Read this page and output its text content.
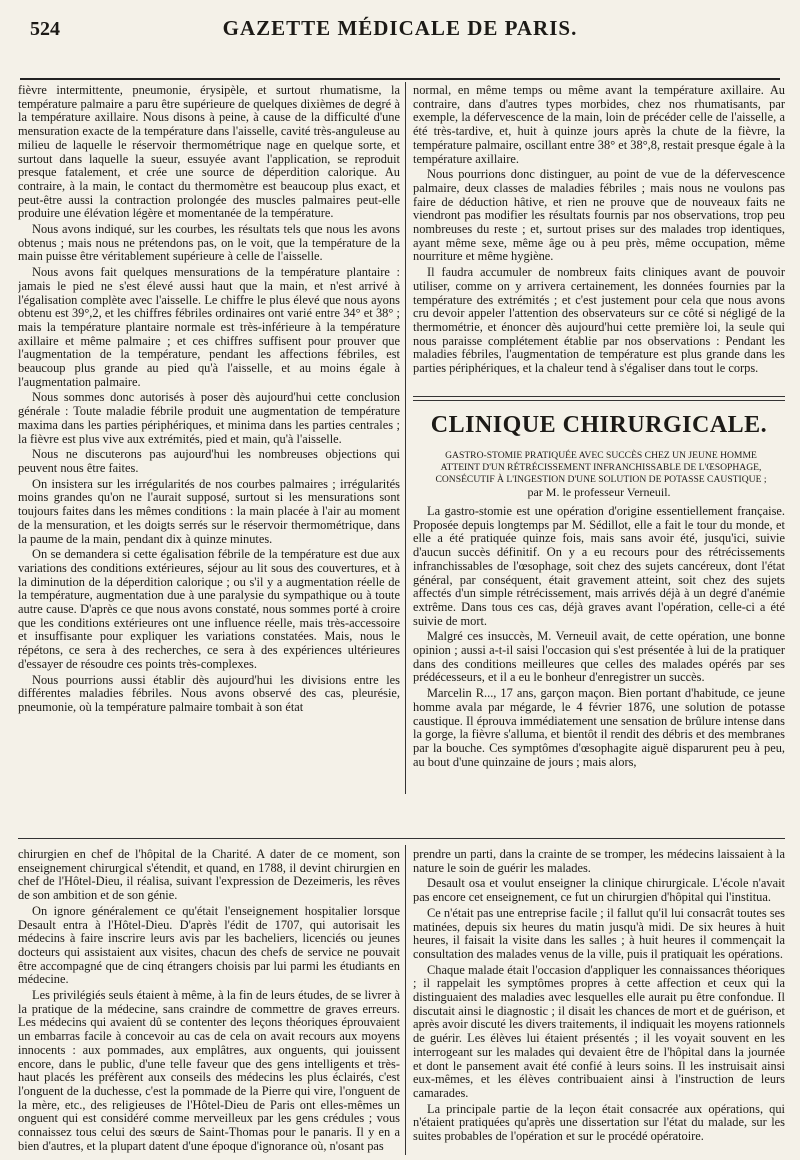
524	GAZETTE MÉDICALE DE PARIS.

fièvre intermittente, pneumonie, érysipèle, et surtout rhumatisme, la température palmaire a paru être supérieure de quelques dixièmes de degré à la température axillaire. Nous disons à peine, à cause de la difficulté d'une mensuration exacte de la température dans l'aisselle, cavité très-anguleuse au milieu de laquelle le réservoir thermométrique nage en quelque sorte, et surtout dans laquelle la sueur, essuyée avant l'application, se reproduit presque fatalement, et crée une source de déperdition calorique. Au contraire, à la main, le contact du thermomètre est beaucoup plus exact, et peut-être aussi la contraction prolongée des muscles palmaires peut-elle produire une élévation légère et momentanée de la température.

Nous avons indiqué, sur les courbes, les résultats tels que nous les avons obtenus ; mais nous ne prétendons pas, on le voit, que la température de la main puisse être véritablement supérieure à celle de l'aisselle.

Nous avons fait quelques mensurations de la température plantaire : jamais le pied ne s'est élevé aussi haut que la main, et n'est arrivé à l'égalisation complète avec l'aisselle. Le chiffre le plus élevé que nous ayons obtenu est 39°,2, et les chiffres fébriles ordinaires ont varié entre 34° et 38° ; mais la température plantaire normale est très-inférieure à la température axillaire et même palmaire ; et ces chiffres suffisent pour prouver que l'augmentation de la température, pendant les affections fébriles, est beaucoup plus grande au pied qu'à l'aisselle, et au moins égale à l'augmentation palmaire.

Nous sommes donc autorisés à poser dès aujourd'hui cette conclusion générale : Toute maladie fébrile produit une augmentation de température maxima dans les parties périphériques, et minima dans les parties centrales ; la fièvre est plus vive aux extrémités, pied et main, qu'à l'aisselle.

Nous ne discuterons pas aujourd'hui les nombreuses objections qui peuvent nous être faites.

On insistera sur les irrégularités de nos courbes palmaires ; irrégularités moins grandes qu'on ne l'aurait supposé, surtout si les mensurations sont toujours faites dans les mêmes conditions : la main placée à l'air au moment de la mensuration, et les doigts serrés sur le réservoir thermométrique, dans la paume de la main, pendant dix à quinze minutes.

On se demandera si cette égalisation fébrile de la température est due aux variations des conditions extérieures, séjour au lit sous des couvertures, et à la diminution de la déperdition calorique ; ou s'il y a augmentation réelle de la température, augmentation due à une paralysie du sympathique ou à toute autre cause. D'après ce que nous avons constaté, nous sommes porté à croire que les conditions extérieures ont une influence réelle, mais très-accessoire et insuffisante pour expliquer les variations constatées. Mais, nous le répétons, ce sera à des recherches, ce sera à des expériences ultérieures d'essayer de résoudre ces points très-complexes.

Nous pourrions aussi établir dès aujourd'hui les divisions entre les différentes maladies fébriles. Nous avons observé des cas, pleurésie, pneumonie, où la température palmaire tombait à son état

normal, en même temps ou même avant la température axillaire. Au contraire, dans d'autres types morbides, chez nos rhumatisants, par exemple, la défervescence de la main, loin de précéder celle de l'aisselle, a été très-tardive, et, huit à quinze jours après la chute de la fièvre, la température palmaire, oscillant entre 38° et 38°,8, restait presque égale à la température axillaire.

Nous pourrions donc distinguer, au point de vue de la défervescence palmaire, deux classes de maladies fébriles ; mais nous ne voulons pas faire de déduction hâtive, et rien ne prouve que de nouveaux faits ne viendront pas modifier les résultats fournis par nos observations, trop peu nombreuses du reste ; et, surtout prises sur des malades trop identiques, ayant même sexe, même âge ou à peu près, même occupation, même nourriture et même hygiène.

Il faudra accumuler de nombreux faits cliniques avant de pouvoir utiliser, comme on y arrivera certainement, les données fournies par la température des extrémités ; et c'est justement pour cela que nous avons cru devoir appeler l'attention des observateurs sur ce côté si négligé de la thermométrie, et énoncer dès aujourd'hui cette première loi, la seule qui nous paraisse complétement établie par nos observations : Pendant les maladies fébriles, l'augmentation de température est plus grande dans les parties périphériques, et la chaleur tend à s'égaliser dans tout le corps.

CLINIQUE CHIRURGICALE.
GASTRO-STOMIE PRATIQUÉE AVEC SUCCÈS CHEZ UN JEUNE HOMME ATTEINT D'UN RÉTRÉCISSEMENT INFRANCHISSABLE DE L'ŒSOPHAGE, CONSÉCUTIF À L'INGESTION D'UNE SOLUTION DE POTASSE CAUSTIQUE ;
par M. le professeur Verneuil.

La gastro-stomie est une opération d'origine essentiellement française. Proposée depuis longtemps par M. Sédillot, elle a fait le tour du monde, et elle a été pratiquée quinze fois, mais sans avoir été, jusqu'ici, suivie d'aucun succès définitif. On y a eu recours pour des rétrécissements infranchissables de l'œsophage, soit chez des sujets cancéreux, dont l'état général, par conséquent, était gravement atteint, soit chez des sujets affectés d'un simple rétrécissement, mais arrivés déjà à un degré d'anémie extrême. Dans tous ces cas, déjà graves avant l'opération, celle-ci a été suivie de mort.

Malgré ces insuccès, M. Verneuil avait, de cette opération, une bonne opinion ; aussi a-t-il saisi l'occasion qui s'est présentée à lui de la pratiquer dans des conditions meilleures que celles des malades opérés par ses prédécesseurs, et il a eu le bonheur d'enregistrer un succès.

Marcelin R..., 17 ans, garçon maçon. Bien portant d'habitude, ce jeune homme avala par mégarde, le 4 février 1876, une solution de potasse caustique. Il éprouva immédiatement une sensation de brûlure intense dans la gorge, la fièvre s'alluma, et bientôt il rendit des débris et des membranes par la bouche. Ces symptômes d'œsophagite aiguë disparurent peu à peu, au bout d'une quinzaine de jours ; mais alors,

chirurgien en chef de l'hôpital de la Charité. A dater de ce moment, son enseignement chirurgical s'étendit, et quand, en 1788, il devint chirurgien en chef de l'Hôtel-Dieu, il réalisa, suivant l'expression de Dezeimeris, les rêves de son ambition et de son génie.

On ignore généralement ce qu'était l'enseignement hospitalier lorsque Desault entra à l'Hôtel-Dieu. D'après l'édit de 1707, qui autorisait les médecins à faire inscrire leurs avis par les bacheliers, licenciés ou jeunes docteurs qui assistaient aux visites, chacun des chefs de service ne pouvait être accompagné que de cinq étrangers choisis par lui parmi les étudiants en médecine.

Les privilégiés seuls étaient à même, à la fin de leurs études, de se livrer à la pratique de la médecine, sans craindre de commettre de graves erreurs. Les médecins qui avaient dû se contenter des leçons théoriques éprouvaient un embarras facile à concevoir au cas de cela on avait recours aux moyens innocents : aux pommades, aux emplâtres, aux onguents, qui jouissent encore, dans le public, d'une telle faveur que des gens intelligents et très-haut placés les préfèrent aux conseils des médecins les plus éclairés, c'est l'onguent de la duchesse, c'est la pommade de la Pierre qui vire, l'onguent de la mère, etc., des religieuses de l'Hôtel-Dieu de Paris ont elles-mêmes un onguent qui est considéré comme merveilleux par les gens crédules ; vous connaissez tous celui des sœurs de Saint-Thomas pour le panaris. Il y en a bien d'autres, et la plupart datent d'une époque d'ignorance où, n'osant pas

prendre un parti, dans la crainte de se tromper, les médecins laissaient à la nature le soin de guérir les malades.

Desault osa et voulut enseigner la clinique chirurgicale. L'école n'avait pas encore cet enseignement, ce fut un chirurgien d'hôpital qui l'institua.

Ce n'était pas une entreprise facile ; il fallut qu'il lui consacrât toutes ses matinées, depuis six heures du matin jusqu'à midi. De six heures à huit heures, il faisait la visite dans les salles ; à huit heures il commençait la consultation des malades venus de la ville, puis il pratiquait les opérations.

Chaque malade était l'occasion d'appliquer les connaissances théoriques ; il rappelait les symptômes propres à cette affection et ceux qui la distinguaient des maladies avec lesquelles elle aurait pu être confondue. Il discutait ainsi le diagnostic ; il disait les chances de mort et de guérison, et après avoir discuté les divers traitements, il indiquait les moyens rationnels de guérir. Les élèves lui étaient présentés ; il les voyait souvent en les interrogeant sur les malades qui devaient être de l'hôpital dans la journée et dont le pansement avait été confié à leurs soins. Il les instruisait ainsi eux-mêmes, et les élèves contribuaient ainsi à l'instruction de leurs camarades.

La principale partie de la leçon était consacrée aux opérations, qui n'étaient pratiquées qu'après une dissertation sur l'état du malade, sur les suites probables de l'opération et sur le procédé opératoire.
